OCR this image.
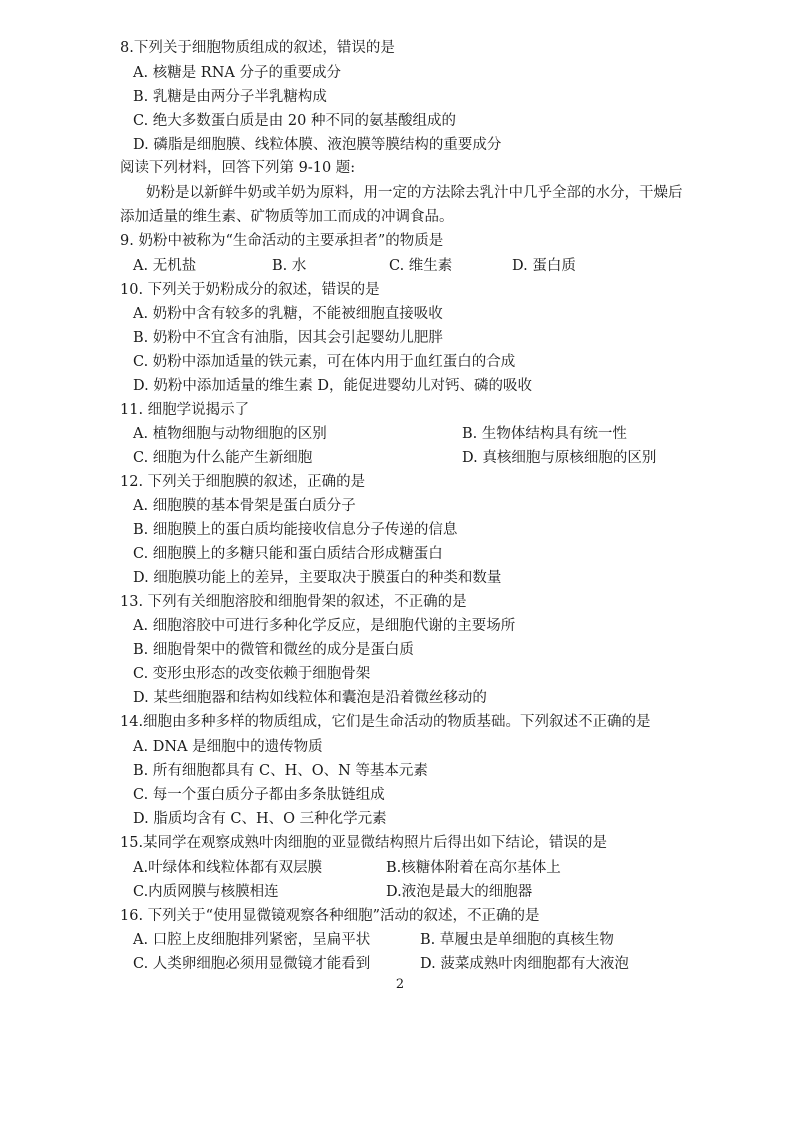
8.下列关于细胞物质组成的叙述，错误的是
A. 核糖是 RNA 分子的重要成分
B. 乳糖是由两分子半乳糖构成
C. 绝大多数蛋白质是由 20 种不同的氨基酸组成的
D. 磷脂是细胞膜、线粒体膜、液泡膜等膜结构的重要成分
阅读下列材料，回答下列第 9-10 题:
奶粉是以新鲜牛奶或羊奶为原料，用一定的方法除去乳汁中几乎全部的水分，干燥后
添加适量的维生素、矿物质等加工而成的冲调食品。
9. 奶粉中被称为“生命活动的主要承担者”的物质是
A. 无机盐	B. 水	C. 维生素	D. 蛋白质
10. 下列关于奶粉成分的叙述，错误的是
A. 奶粉中含有较多的乳糖，不能被细胞直接吸收
B. 奶粉中不宜含有油脂，因其会引起婴幼儿肥胖
C. 奶粉中添加适量的铁元素，可在体内用于血红蛋白的合成
D. 奶粉中添加适量的维生素 D，能促进婴幼儿对钙、磷的吸收
11. 细胞学说揭示了
A. 植物细胞与动物细胞的区别	B. 生物体结构具有统一性
C. 细胞为什么能产生新细胞	D. 真核细胞与原核细胞的区别
12. 下列关于细胞膜的叙述，正确的是
A. 细胞膜的基本骨架是蛋白质分子
B. 细胞膜上的蛋白质均能接收信息分子传递的信息
C. 细胞膜上的多糖只能和蛋白质结合形成糖蛋白
D. 细胞膜功能上的差异，主要取决于膜蛋白的种类和数量
13. 下列有关细胞溶胶和细胞骨架的叙述，不正确的是
A. 细胞溶胶中可进行多种化学反应，是细胞代谢的主要场所
B. 细胞骨架中的微管和微丝的成分是蛋白质
C. 变形虫形态的改变依赖于细胞骨架
D. 某些细胞器和结构如线粒体和囊泡是沿着微丝移动的
14.细胞由多种多样的物质组成，它们是生命活动的物质基础。下列叙述不正确的是
A. DNA 是细胞中的遗传物质
B. 所有细胞都具有 C、H、O、N 等基本元素
C. 每一个蛋白质分子都由多条肽链组成
D. 脂质均含有 C、H、O 三种化学元素
15.某同学在观察成熟叶肉细胞的亚显微结构照片后得出如下结论，错误的是
A.叶绿体和线粒体都有双层膜	B.核糖体附着在高尔基体上
C.内质网膜与核膜相连	D.液泡是最大的细胞器
16. 下列关于“使用显微镜观察各种细胞”活动的叙述，不正确的是
A. 口腔上皮细胞排列紧密，呈扁平状	B. 草履虫是单细胞的真核生物
C. 人类卵细胞必须用显微镜才能看到	D. 菠菜成熟叶肉细胞都有大液泡
2
